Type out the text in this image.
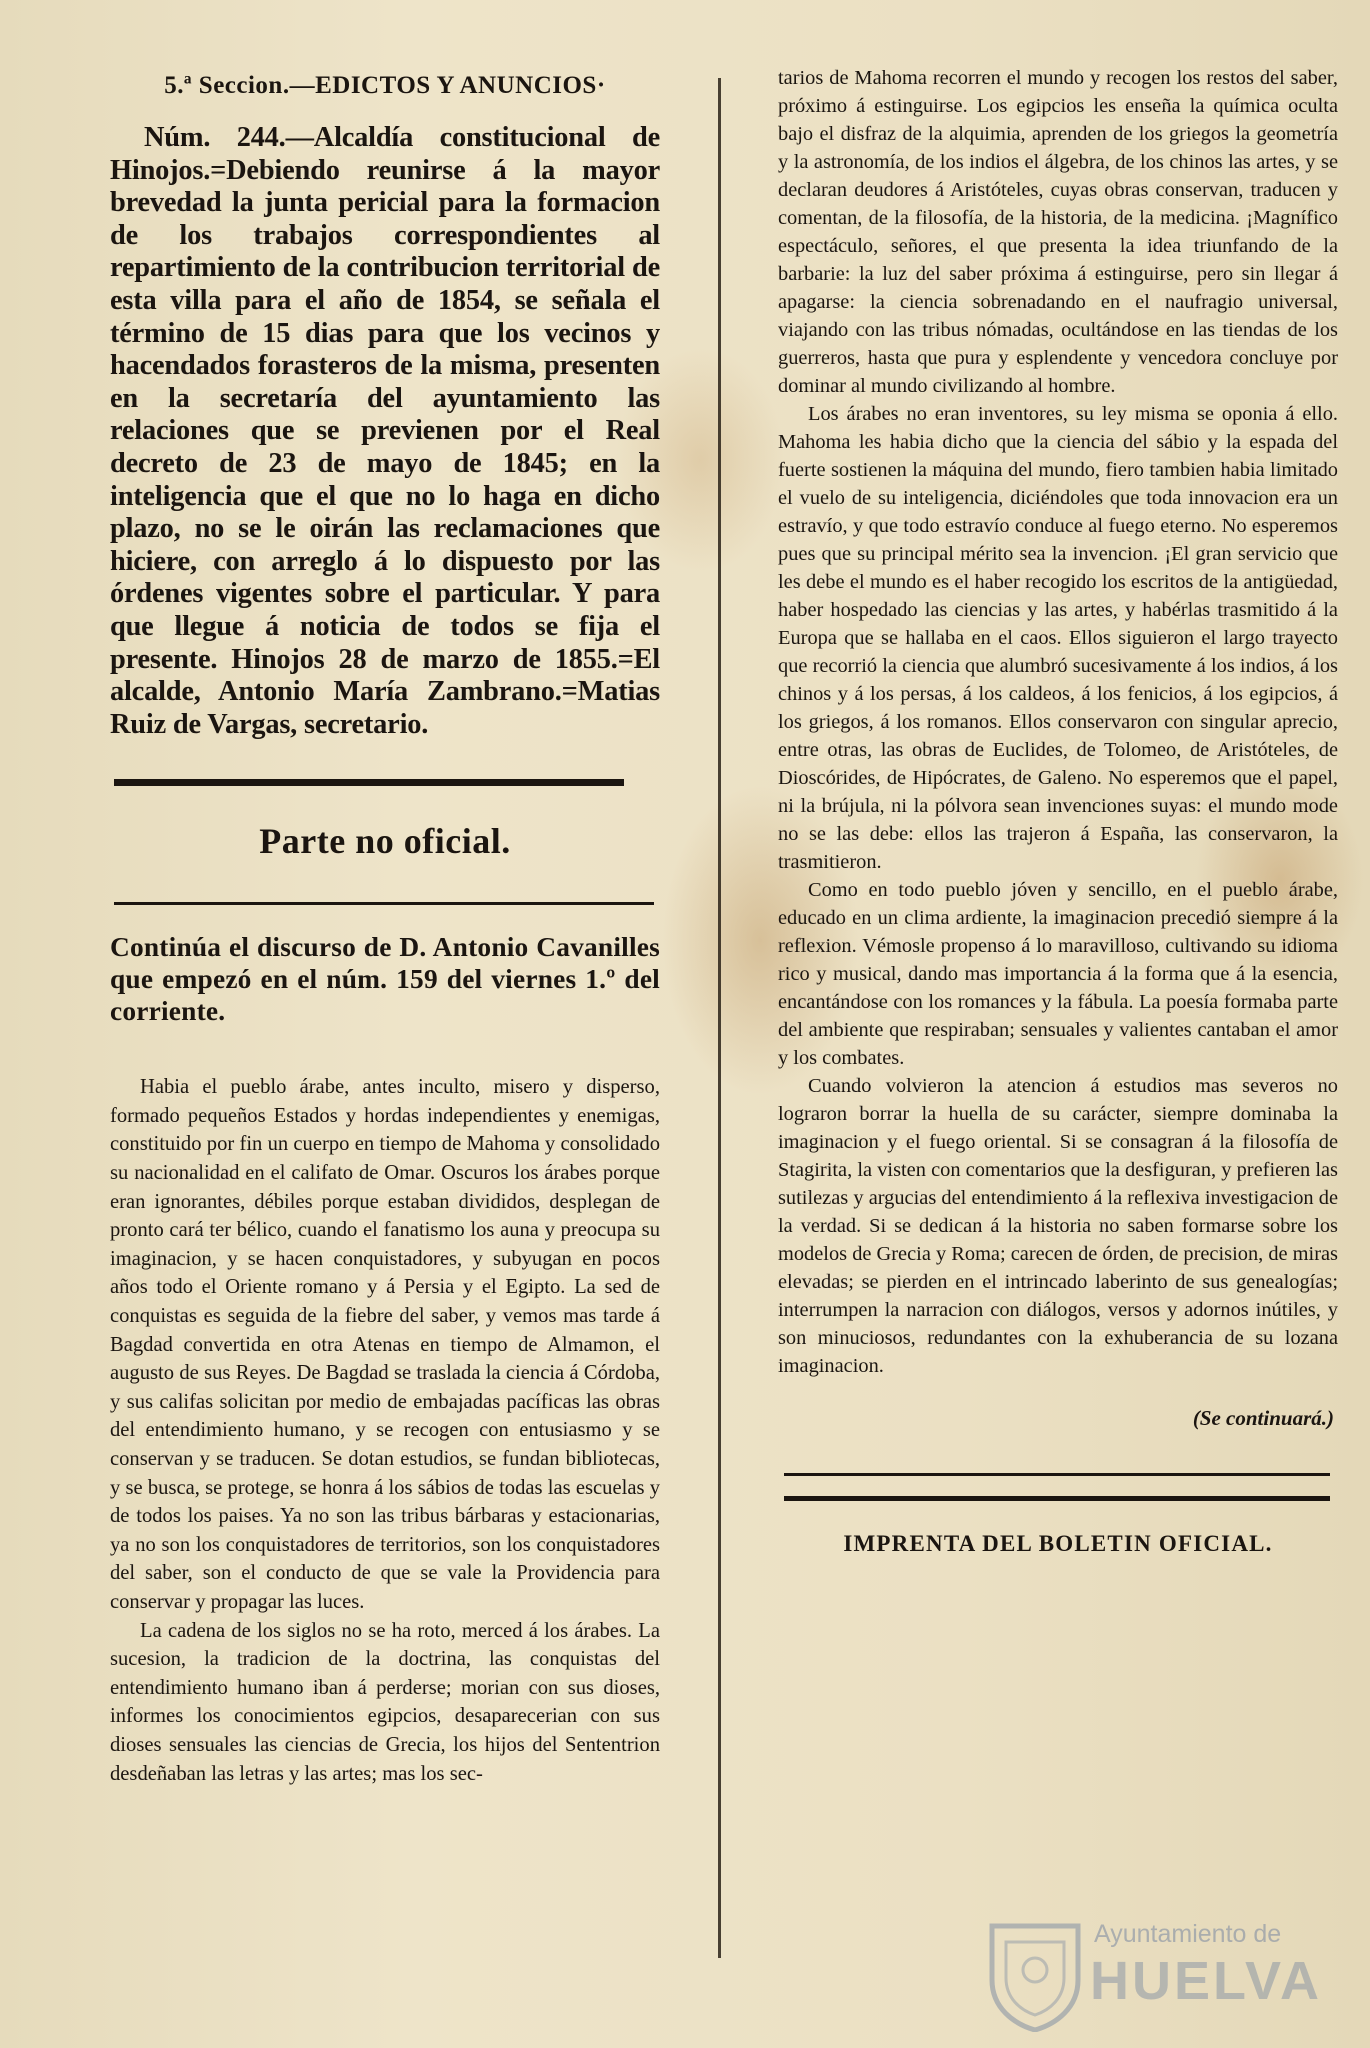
5.ª Seccion.—EDICTOS Y ANUNCIOS·

Núm. 244.—Alcaldía constitucional de Hinojos.=Debiendo reunirse á la mayor brevedad la junta pericial para la formacion de los trabajos correspondientes al repartimiento de la contribucion territorial de esta villa para el año de 1854, se señala el término de 15 dias para que los vecinos y hacendados forasteros de la misma, presenten en la secretaría del ayuntamiento las relaciones que se previenen por el Real decreto de 23 de mayo de 1845; en la inteligencia que el que no lo haga en dicho plazo, no se le oirán las reclamaciones que hiciere, con arreglo á lo dispuesto por las órdenes vigentes sobre el particular. Y para que llegue á noticia de todos se fija el presente. Hinojos 28 de marzo de 1855.=El alcalde, Antonio María Zambrano.=Matias Ruiz de Vargas, secretario.

Parte no oficial.
Continúa el discurso de D. Antonio Cavanilles que empezó en el núm. 159 del viernes 1.º del corriente.

Habia el pueblo árabe, antes inculto, misero y disperso, formado pequeños Estados y hordas independientes y enemigas, constituido por fin un cuerpo en tiempo de Mahoma y consolidado su nacionalidad en el califato de Omar. Oscuros los árabes porque eran ignorantes, débiles porque estaban divididos, desplegan de pronto cará ter bélico, cuando el fanatismo los auna y preocupa su imaginacion, y se hacen conquistadores, y subyugan en pocos años todo el Oriente romano y á Persia y el Egipto. La sed de conquistas es seguida de la fiebre del saber, y vemos mas tarde á Bagdad convertida en otra Atenas en tiempo de Almamon, el augusto de sus Reyes. De Bagdad se traslada la ciencia á Córdoba, y sus califas solicitan por medio de embajadas pacíficas las obras del entendimiento humano, y se recogen con entusiasmo y se conservan y se traducen. Se dotan estudios, se fundan bibliotecas, y se busca, se protege, se honra á los sábios de todas las escuelas y de todos los paises. Ya no son las tribus bárbaras y estacionarias, ya no son los conquistadores de territorios, son los conquistadores del saber, son el conducto de que se vale la Providencia para conservar y propagar las luces.

La cadena de los siglos no se ha roto, merced á los árabes. La sucesion, la tradicion de la doctrina, las conquistas del entendimiento humano iban á perderse; morian con sus dioses, informes los conocimientos egipcios, desaparecerian con sus dioses sensuales las ciencias de Grecia, los hijos del Sententrion desdeñaban las letras y las artes; mas los sec-

tarios de Mahoma recorren el mundo y recogen los restos del saber, próximo á estinguirse. Los egipcios les enseña la química oculta bajo el disfraz de la alquimia, aprenden de los griegos la geometría y la astronomía, de los indios el álgebra, de los chinos las artes, y se declaran deudores á Aristóteles, cuyas obras conservan, traducen y comentan, de la filosofía, de la historia, de la medicina. ¡Magnífico espectáculo, señores, el que presenta la idea triunfando de la barbarie: la luz del saber próxima á estinguirse, pero sin llegar á apagarse: la ciencia sobrenadando en el naufragio universal, viajando con las tribus nómadas, ocultándose en las tiendas de los guerreros, hasta que pura y esplendente y vencedora concluye por dominar al mundo civilizando al hombre.

Los árabes no eran inventores, su ley misma se oponia á ello. Mahoma les habia dicho que la ciencia del sábio y la espada del fuerte sostienen la máquina del mundo, fiero tambien habia limitado el vuelo de su inteligencia, diciéndoles que toda innovacion era un estravío, y que todo estravío conduce al fuego eterno. No esperemos pues que su principal mérito sea la invencion. ¡El gran servicio que les debe el mundo es el haber recogido los escritos de la antigüedad, haber hospedado las ciencias y las artes, y habérlas trasmitido á la Europa que se hallaba en el caos. Ellos siguieron el largo trayecto que recorrió la ciencia que alumbró sucesivamente á los indios, á los chinos y á los persas, á los caldeos, á los fenicios, á los egipcios, á los griegos, á los romanos. Ellos conservaron con singular aprecio, entre otras, las obras de Euclides, de Tolomeo, de Aristóteles, de Dioscórides, de Hipócrates, de Galeno. No esperemos que el papel, ni la brújula, ni la pólvora sean invenciones suyas: el mundo mode no se las debe: ellos las trajeron á España, las conservaron, la trasmitieron.

Como en todo pueblo jóven y sencillo, en el pueblo árabe, educado en un clima ardiente, la imaginacion precedió siempre á la reflexion. Vémosle propenso á lo maravilloso, cultivando su idioma rico y musical, dando mas importancia á la forma que á la esencia, encantándose con los romances y la fábula. La poesía formaba parte del ambiente que respiraban; sensuales y valientes cantaban el amor y los combates.

Cuando volvieron la atencion á estudios mas severos no lograron borrar la huella de su carácter, siempre dominaba la imaginacion y el fuego oriental. Si se consagran á la filosofía de Stagirita, la visten con comentarios que la desfiguran, y prefieren las sutilezas y argucias del entendimiento á la reflexiva investigacion de la verdad. Si se dedican á la historia no saben formarse sobre los modelos de Grecia y Roma; carecen de órden, de precision, de miras elevadas; se pierden en el intrincado laberinto de sus genealogías; interrumpen la narracion con diálogos, versos y adornos inútiles, y son minuciosos, redundantes con la exhuberancia de su lozana imaginacion.

(Se continuará.)
IMPRENTA DEL BOLETIN OFICIAL.
Ayuntamiento de
HUELVA
